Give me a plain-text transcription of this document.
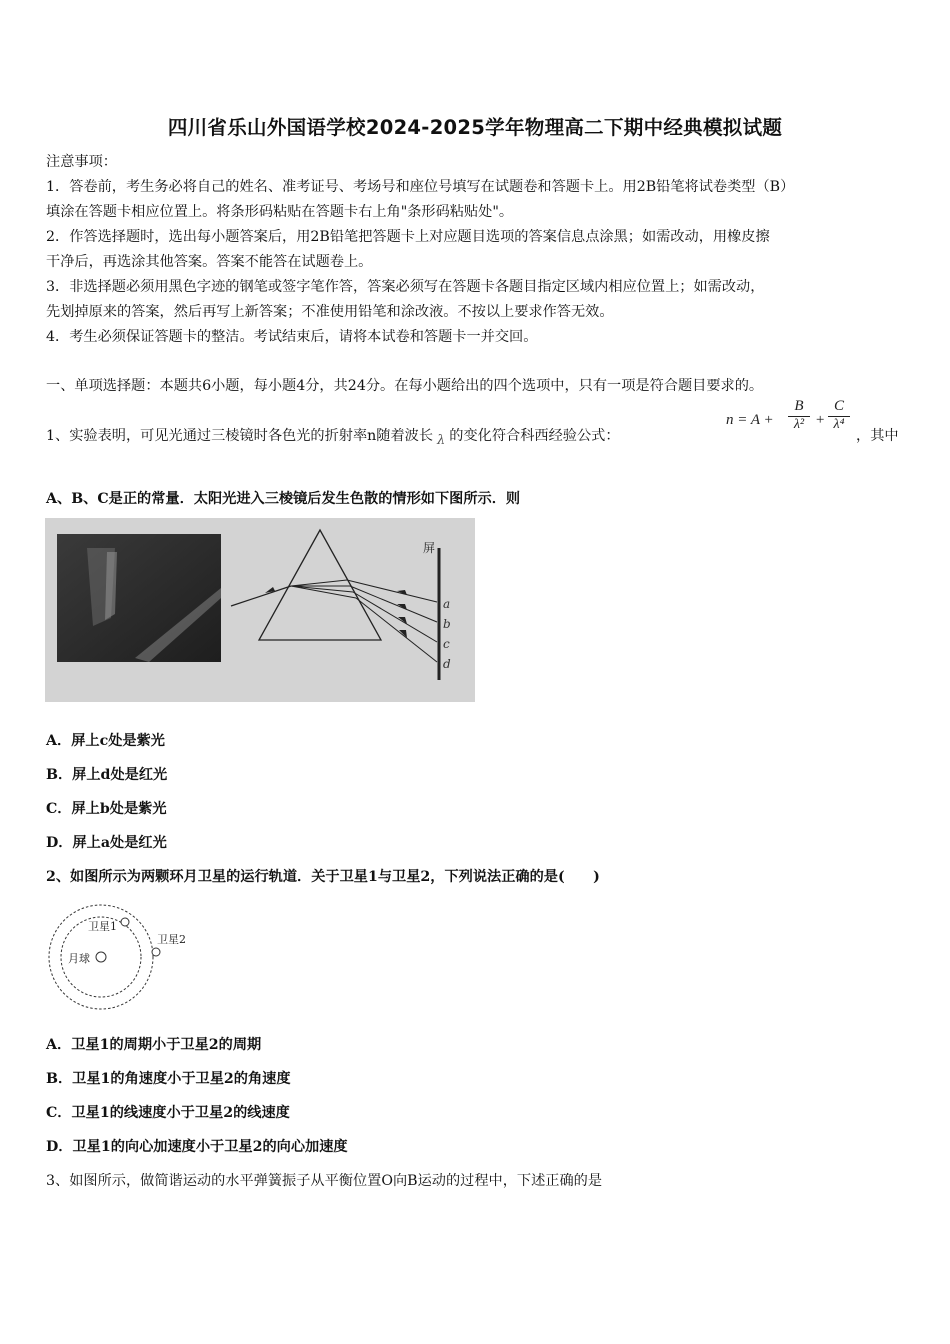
四川省乐山外国语学校2024-2025学年物理高二下期中经典模拟试题
注意事项：
1．答卷前，考生务必将自己的姓名、准考证号、考场号和座位号填写在试题卷和答题卡上。用2B铅笔将试卷类型（B）
填涂在答题卡相应位置上。将条形码粘贴在答题卡右上角"条形码粘贴处"。
2．作答选择题时，选出每小题答案后，用2B铅笔把答题卡上对应题目选项的答案信息点涂黑；如需改动，用橡皮擦
干净后，再选涂其他答案。答案不能答在试题卷上。
3．非选择题必须用黑色字迹的钢笔或签字笔作答，答案必须写在答题卡各题目指定区域内相应位置上；如需改动，
先划掉原来的答案，然后再写上新答案；不准使用铅笔和涂改液。不按以上要求作答无效。
4．考生必须保证答题卡的整洁。考试结束后，请将本试卷和答题卡一并交回。
一、单项选择题：本题共6小题，每小题4分，共24分。在每小题给出的四个选项中，只有一项是符合题目要求的。
1、实验表明，可见光通过三棱镜时各色光的折射率n随着波长 λ 的变化符合科西经验公式：
n = A +
B
λ² +
C
λ⁴
，其中
A、B、C是正的常量．太阳光进入三棱镜后发生色散的情形如下图所示．则
屏
a
b
c
d
A．屏上c处是紫光
B．屏上d处是红光
C．屏上b处是紫光
D．屏上a处是红光
2、如图所示为两颗环月卫星的运行轨道．关于卫星1与卫星2，下列说法正确的是(　　)
卫星1
卫星2
月球
A．卫星1的周期小于卫星2的周期
B．卫星1的角速度小于卫星2的角速度
C．卫星1的线速度小于卫星2的线速度
D．卫星1的向心加速度小于卫星2的向心加速度
3、如图所示，做简谐运动的水平弹簧振子从平衡位置O向B运动的过程中，下述正确的是
